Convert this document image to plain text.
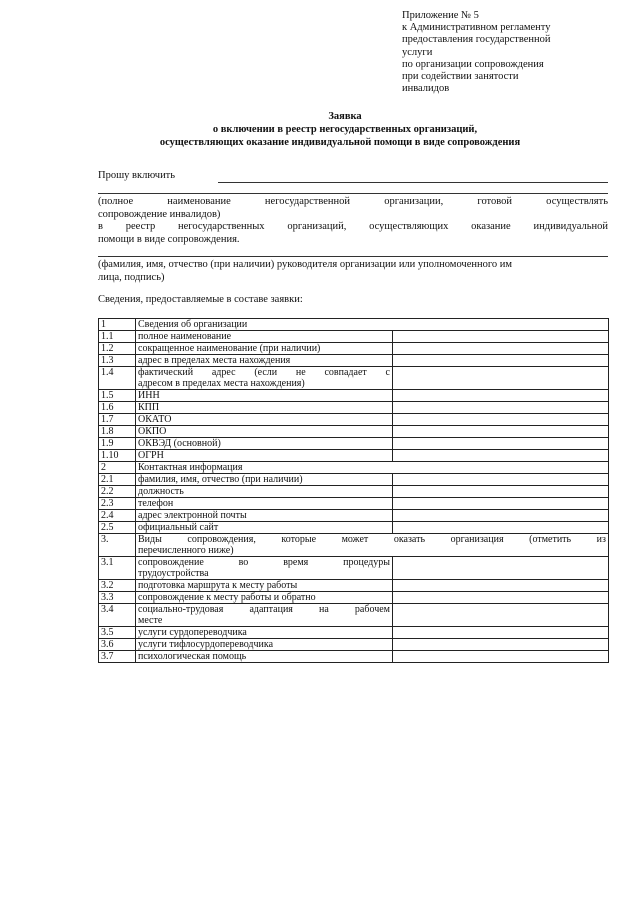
Приложение № 5
к Административном регламенту
предоставления государственной
услуги
по организации сопровождения
при содействии занятости
инвалидов
Заявка
о включении в реестр негосударственных организаций,
осуществляющих оказание индивидуальной помощи в виде сопровождения
Прошу включить
(полное наименование негосударственной организации, готовой осуществлять
сопровождение инвалидов)
в реестр негосударственных организаций, осуществляющих оказание индивидуальной
помощи в виде сопровождения.
(фамилия, имя, отчество (при наличии) руководителя организации или уполномоченного им
лица, подпись)
Сведения, предоставляемые в составе заявки:
1	Сведения об организации	
1.1	полное наименование	
1.2	сокращенное наименование (при наличии)	
1.3	адрес в пределах места нахождения	
1.4	фактический адрес (если не совпадает с
адресом в пределах места нахождения)	
1.5	ИНН	
1.6	КПП	
1.7	ОКАТО	
1.8	ОКПО	
1.9	ОКВЭД (основной)	
1.10	ОГРН	
2	Контактная информация	
2.1	фамилия, имя, отчество (при наличии)	
2.2	должность	
2.3	телефон	
2.4	адрес электронной почты	
2.5	официальный сайт	
3.	Виды сопровождения, которые может оказать организация (отметить из
перечисленного ниже)	
3.1	сопровождение во время процедуры
трудоустройства	
3.2	подготовка маршрута к месту работы	
3.3	сопровождение к месту работы и обратно	
3.4	социально-трудовая адаптация на рабочем
месте	
3.5	услуги сурдопереводчика	
3.6	услуги тифлосурдопереводчика	
3.7	психологическая помощь	
